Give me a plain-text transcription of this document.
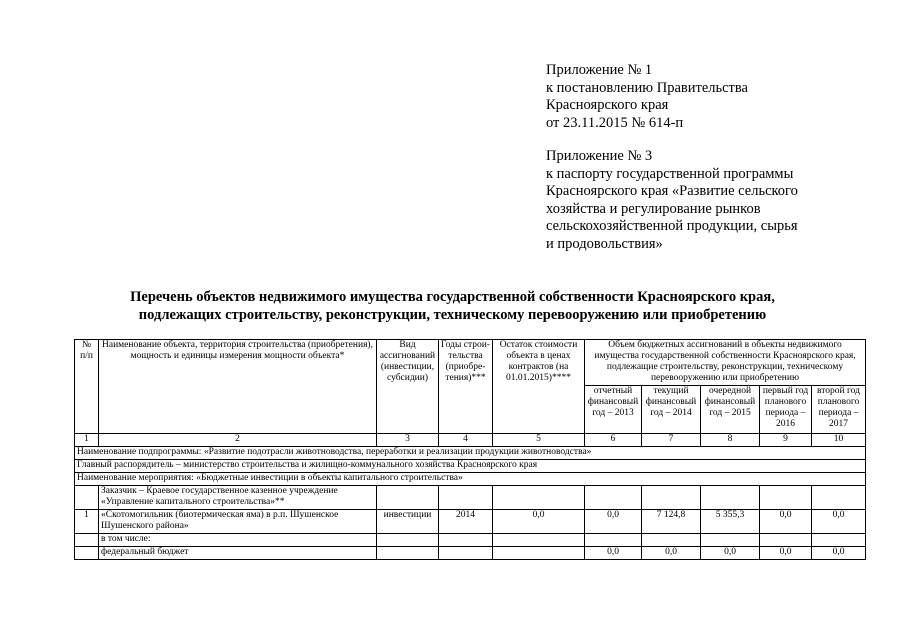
Приложение № 1
к постановлению Правительства
Красноярского края
от 23.11.2015 № 614-п
Приложение № 3
к паспорту государственной программы
Красноярского края «Развитие сельского
хозяйства и регулирование рынков
сельскохозяйственной продукции, сырья
и продовольствия»
Перечень объектов недвижимого имущества государственной собственности Красноярского края,
подлежащих строительству, реконструкции, техническому перевооружению или приобретению
№ п/п	Наименование объекта, территория строительства (приобретения), мощность и единицы измерения мощности объекта*	Вид ассигнований (инвестиции, субсидии)	Годы строи-тельства (приобре-тения)***	Остаток стоимости объекта в ценах контрактов (на 01.01.2015)****	Объем бюджетных ассигнований в объекты недвижимого имущества государственной собственности Красноярского края, подлежащие строительству, реконструкции, техническому перевооружению или приобретению				
					отчетный финансовый год – 2013	текущий финансовый год – 2014	очередной финансовый год – 2015	первый год планового периода – 2016	второй год планового периода – 2017
1	2	3	4	5	6	7	8	9	10
Наименование подпрограммы: «Развитие подотрасли животноводства, переработки и реализации продукции животноводства»									
Главный распорядитель – министерство строительства и жилищно-коммунального хозяйства Красноярского края									
Наименование мероприятия: «Бюджетные инвестиции в объекты капитального строительства»									
	Заказчик – Краевое государственное казенное учреждение «Управление капитального строительства»**								
1	«Скотомогильник (биотермическая яма) в р.п. Шушенское Шушенского района»	инвестиции	2014	0,0	0,0	7 124,8	5 355,3	0,0	0,0
	в том числе:								
	федеральный бюджет				0,0	0,0	0,0	0,0	0,0
